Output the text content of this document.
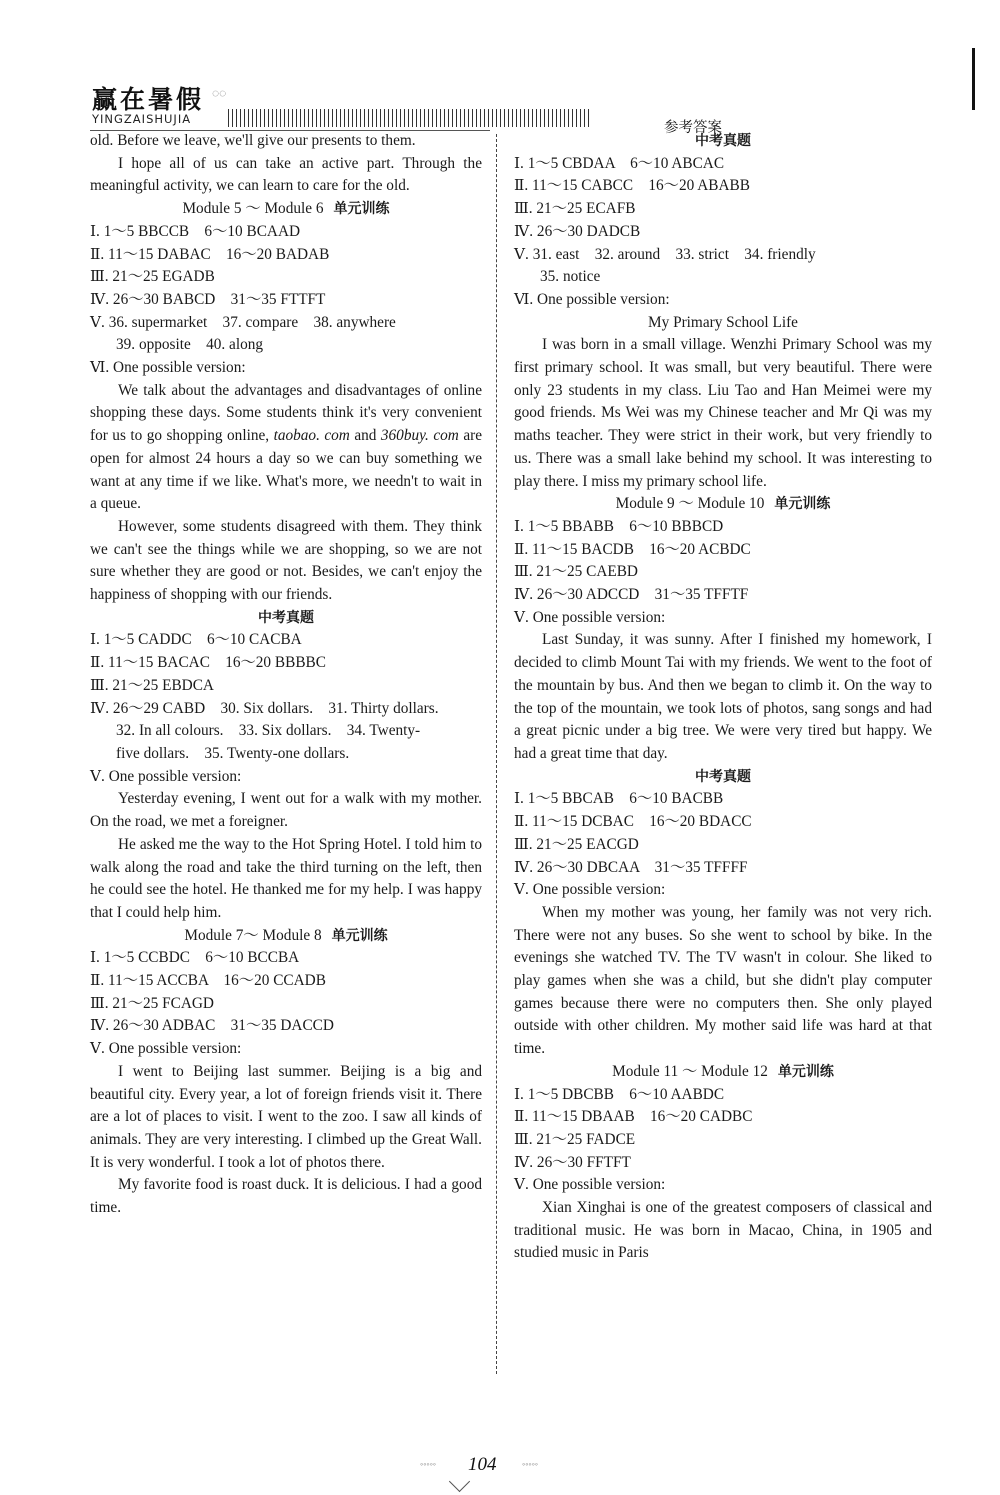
赢在暑假 ◌◌
YINGZAISHUJIA
参考答案
old. Before we leave, we'll give our presents to them.
I hope all of us can take an active part. Through the meaningful activity, we can learn to care for the old.
Module 5 ～ Module 6 单元训练
Ⅰ. 1～5 BBCCB　6～10 BCAAD
Ⅱ. 11～15 DABAC　16～20 BADAB
Ⅲ. 21～25 EGADB
Ⅳ. 26～30 BABCD　31～35 FTTFT
Ⅴ. 36. supermarket　37. compare　38. anywhere
39. opposite　40. along
Ⅵ. One possible version:
We talk about the advantages and disadvantages of online shopping these days. Some students think it's very convenient for us to go shopping online, taobao. com and 360buy. com are open for almost 24 hours a day so we can buy something we want at any time if we like. What's more, we needn't to wait in a queue.
However, some students disagreed with them. They think we can't see the things while we are shopping, so we are not sure whether they are good or not. Besides, we can't enjoy the happiness of shopping with our friends.
中考真题
Ⅰ. 1～5 CADDC　6～10 CACBA
Ⅱ. 11～15 BACAC　16～20 BBBBC
Ⅲ. 21～25 EBDCA
Ⅳ. 26～29 CABD　30. Six dollars.　31. Thirty dollars.
32. In all colours.　33. Six dollars.　34. Twenty-
five dollars.　35. Twenty-one dollars.
Ⅴ. One possible version:
Yesterday evening, I went out for a walk with my mother. On the road, we met a foreigner.
He asked me the way to the Hot Spring Hotel. I told him to walk along the road and take the third turning on the left, then he could see the hotel. He thanked me for my help. I was happy that I could help him.
Module 7～ Module 8 单元训练
Ⅰ. 1～5 CCBDC　6～10 BCCBA
Ⅱ. 11～15 ACCBA　16～20 CCADB
Ⅲ. 21～25 FCAGD
Ⅳ. 26～30 ADBAC　31～35 DACCD
Ⅴ. One possible version:
I went to Beijing last summer. Beijing is a big and beautiful city. Every year, a lot of foreign friends visit it. There are a lot of places to visit. I went to the zoo. I saw all kinds of animals. They are very interesting. I climbed up the Great Wall. It is very wonderful. I took a lot of photos there.
My favorite food is roast duck. It is delicious. I had a good time.
中考真题
Ⅰ. 1～5 CBDAA　6～10 ABCAC
Ⅱ. 11～15 CABCC　16～20 ABABB
Ⅲ. 21～25 ECAFB
Ⅳ. 26～30 DADCB
Ⅴ. 31. east　32. around　33. strict　34. friendly
35. notice
Ⅵ. One possible version:
My Primary School Life
I was born in a small village. Wenzhi Primary School was my first primary school. It was small, but very beautiful. There were only 23 students in my class. Liu Tao and Han Meimei were my good friends. Ms Wei was my Chinese teacher and Mr Qi was my maths teacher. They were strict in their work, but very friendly to us. There was a small lake behind my school. It was interesting to play there. I miss my primary school life.
Module 9 ～ Module 10 单元训练
Ⅰ. 1～5 BBABB　6～10 BBBCD
Ⅱ. 11～15 BACDB　16～20 ACBDC
Ⅲ. 21～25 CAEBD
Ⅳ. 26～30 ADCCD　31～35 TFFTF
Ⅴ. One possible version:
Last Sunday, it was sunny. After I finished my homework, I decided to climb Mount Tai with my friends. We went to the foot of the mountain by bus. And then we began to climb it. On the way to the top of the mountain, we took lots of photos, sang songs and had a great picnic under a big tree. We were very tired but happy. We had a great time that day.
中考真题
Ⅰ. 1～5 BBCAB　6～10 BACBB
Ⅱ. 11～15 DCBAC　16～20 BDACC
Ⅲ. 21～25 EACGD
Ⅳ. 26～30 DBCAA　31～35 TFFFF
Ⅴ. One possible version:
When my mother was young, her family was not very rich. There were not any buses. So she went to school by bike. In the evenings she watched TV. The TV wasn't in colour. She liked to play games when she was a child, but she didn't play computer games because there were no computers then. She only played outside with other children. My mother said life was hard at that time.
Module 11 ～ Module 12 单元训练
Ⅰ. 1～5 DBCBB　6～10 AABDC
Ⅱ. 11～15 DBAAB　16～20 CADBC
Ⅲ. 21～25 FADCE
Ⅳ. 26～30 FFTFT
Ⅴ. One possible version:
Xian Xinghai is one of the greatest composers of classical and traditional music. He was born in Macao, China, in 1905 and studied music in Paris
◦◦◦◦◦ 104	◦◦◦◦◦
